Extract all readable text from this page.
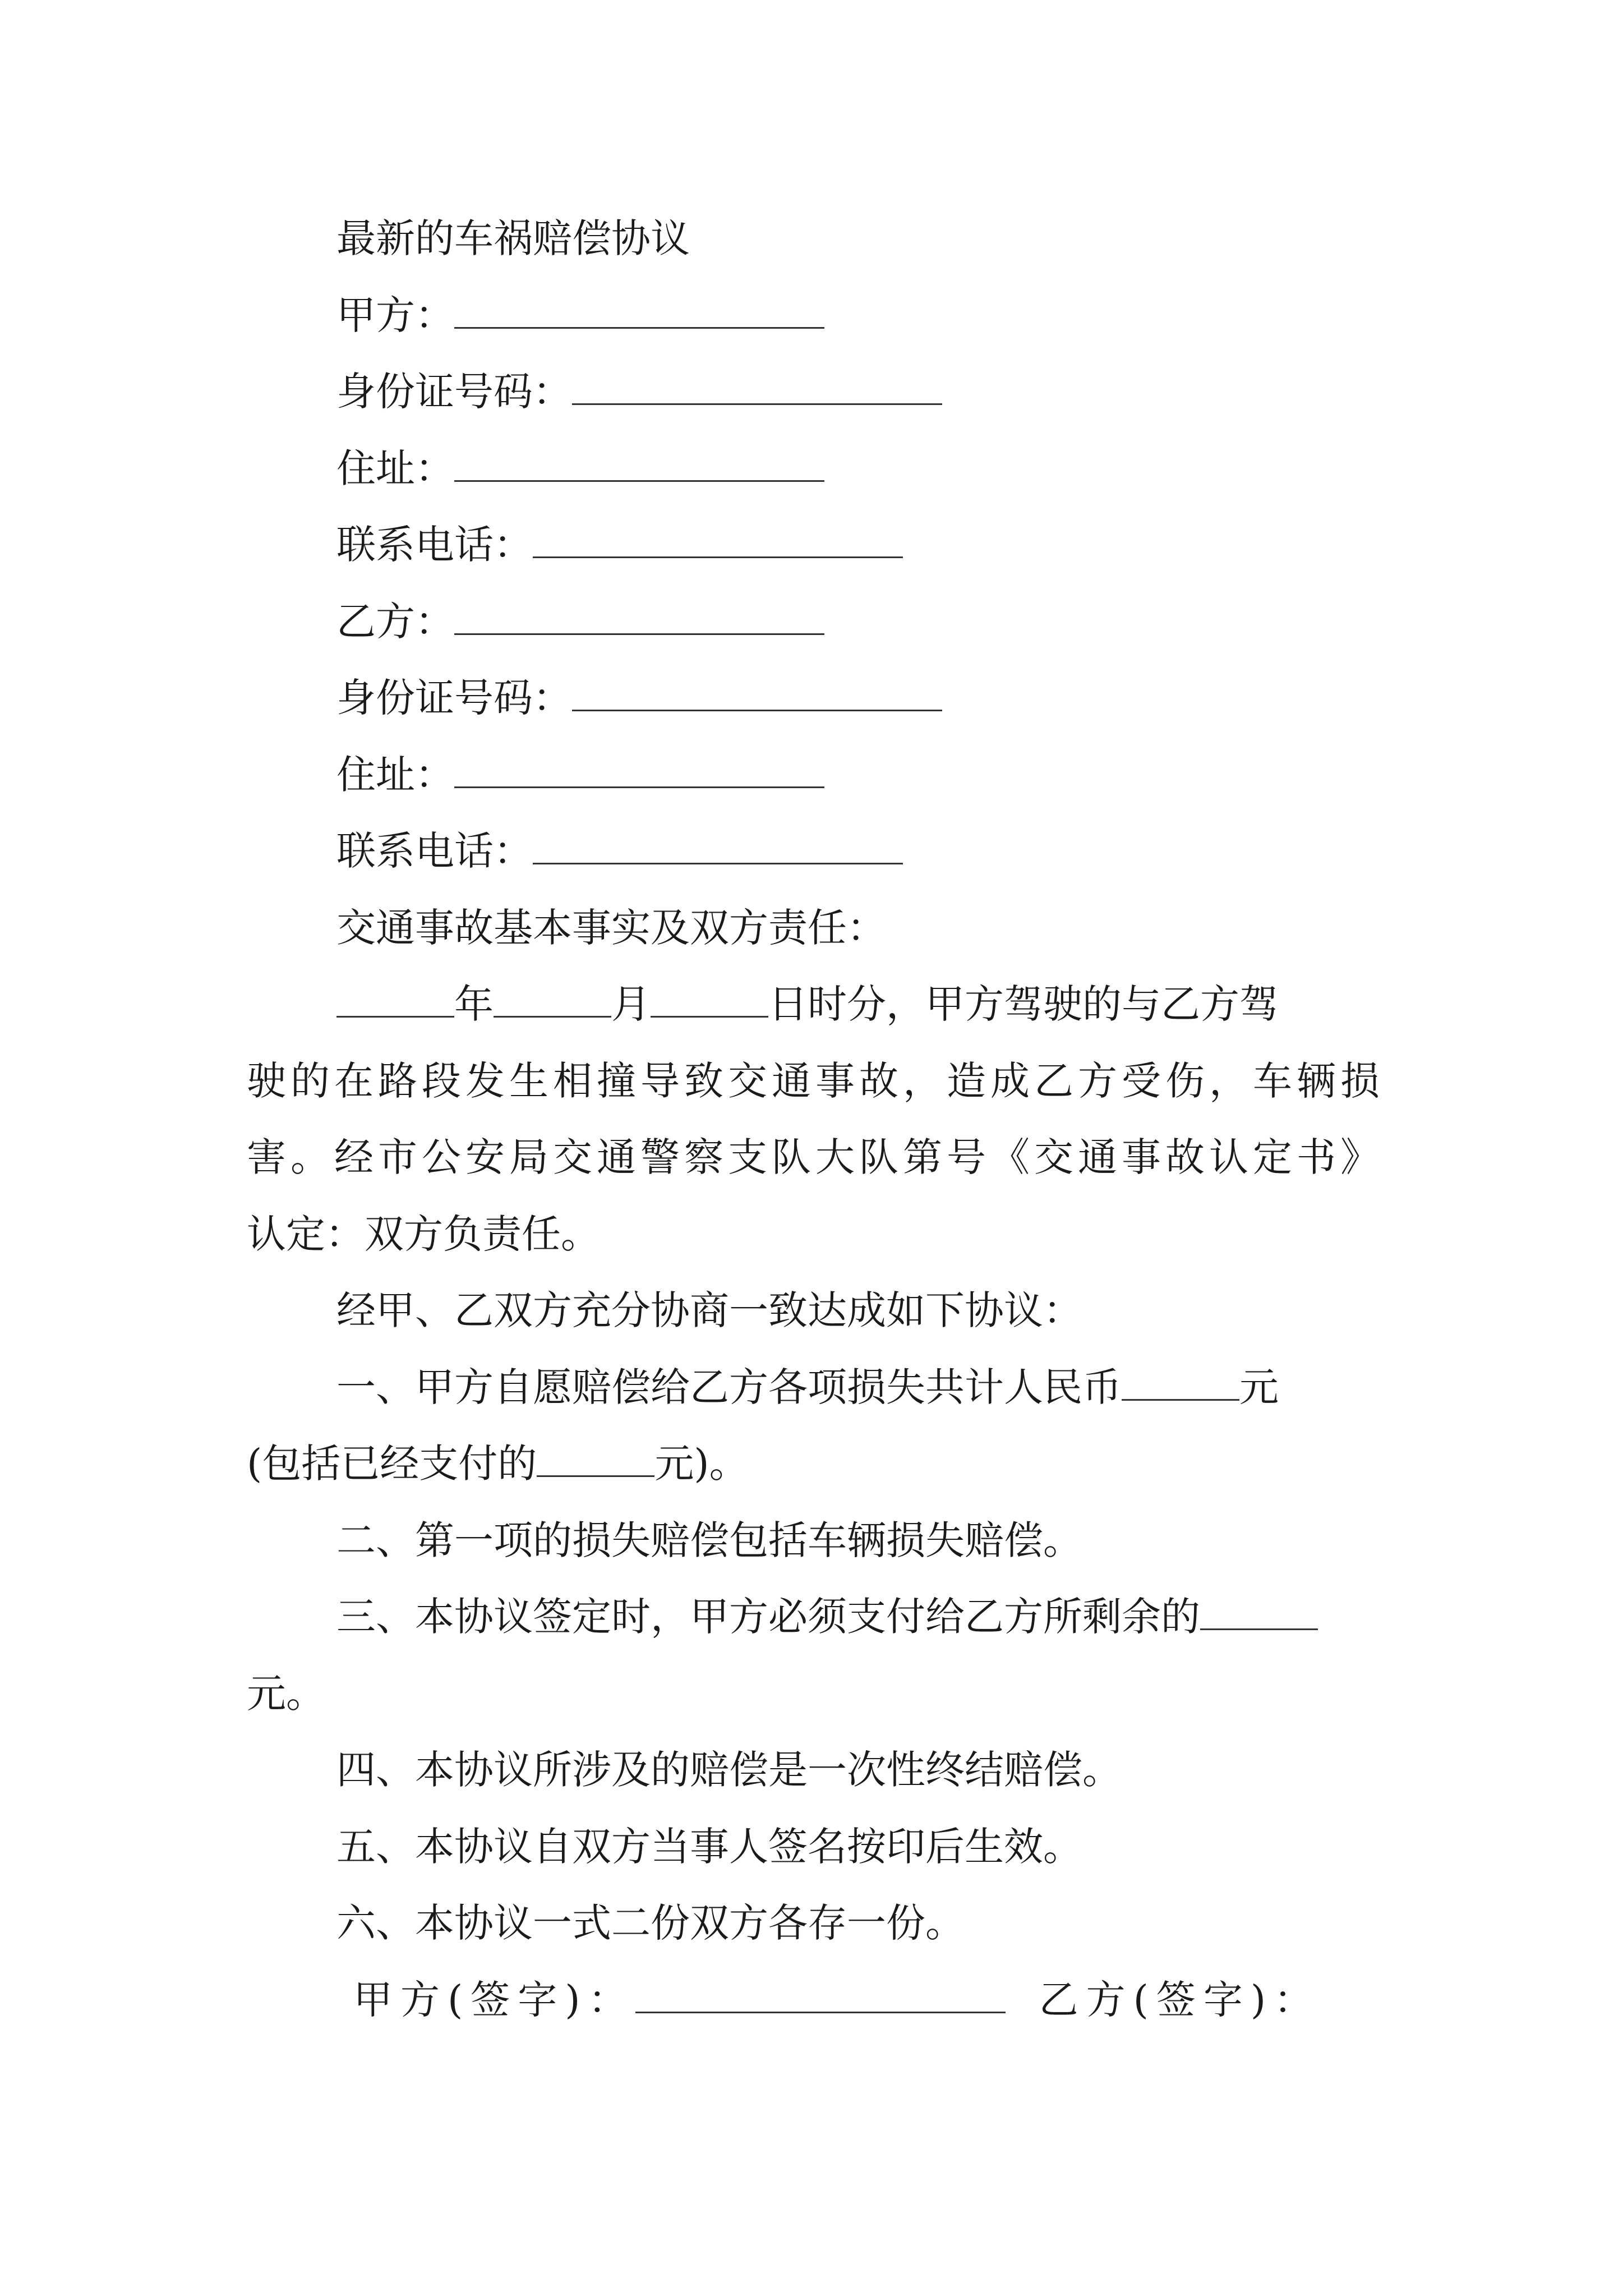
最新的车祸赔偿协议
甲方：
身份证号码：
住址：
联系电话：
乙方：
身份证号码：
住址：
联系电话：
交通事故基本事实及双方责任：
年	月	日时分，甲方驾驶的与乙方驾
驶的在路段发生相撞导致交通事故，造成乙方受伤，车辆损
害。经市公安局交通警察支队大队第号《交通事故认定书》
认定：双方负责任。
经甲、乙双方充分协商一致达成如下协议：
一、甲方自愿赔偿给乙方各项损失共计人民币	元
(包括已经支付的	元)。
二、第一项的损失赔偿包括车辆损失赔偿。
三、本协议签定时，甲方必须支付给乙方所剩余的
元。
四、本协议所涉及的赔偿是一次性终结赔偿。
五、本协议自双方当事人签名按印后生效。
六、本协议一式二份双方各存一份。
甲方(签字)：	乙方(签字)：
